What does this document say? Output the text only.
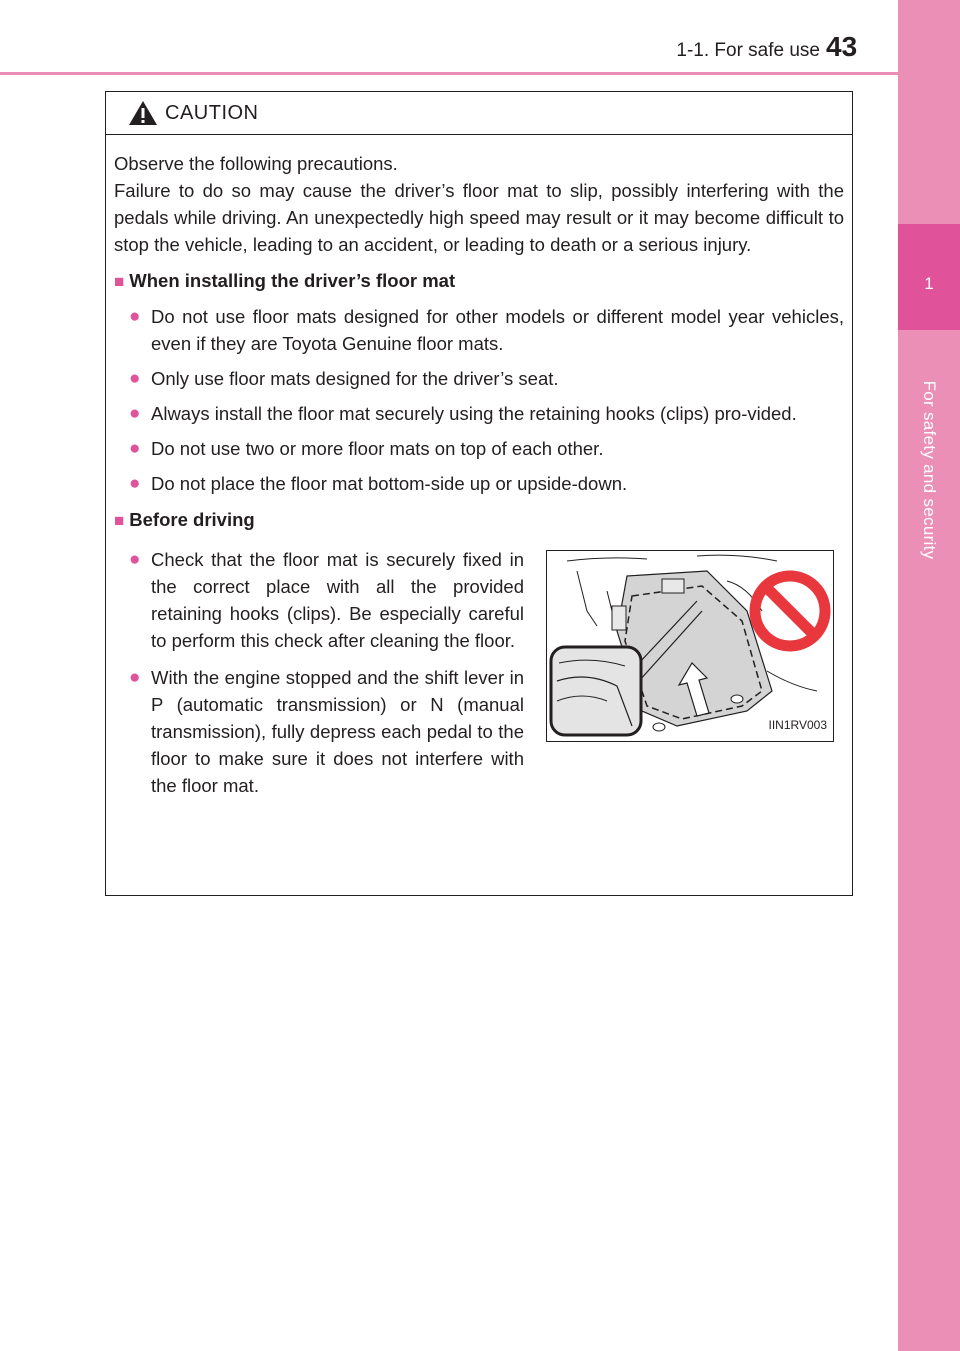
1-1. For safe use 43
1
For safety and security
CAUTION

Observe the following precautions.

Failure to do so may cause the driver’s floor mat to slip, possibly interfering with the pedals while driving. An unexpectedly high speed may result or it may become difficult to stop the vehicle, leading to an accident, or leading to death or a serious injury.

■ When installing the driver’s floor mat
● Do not use floor mats designed for other models or different model year vehicles, even if they are Toyota Genuine floor mats.
● Only use floor mats designed for the driver’s seat.
● Always install the floor mat securely using the retaining hooks (clips) pro-vided.
● Do not use two or more floor mats on top of each other.
● Do not place the floor mat bottom-side up or upside-down.
■ Before driving
● Check that the floor mat is securely fixed in the correct place with all the provided retaining hooks (clips). Be especially careful to perform this check after cleaning the floor.
● With the engine stopped and the shift lever in P (automatic transmission) or N (manual transmission), fully depress each pedal to the floor to make sure it does not interfere with the floor mat.
IIN1RV003
